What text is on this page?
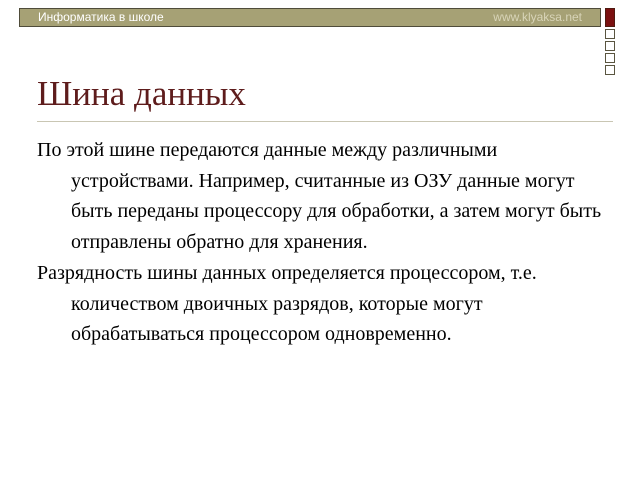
Информатика в школе	www.klyaksa.net
Шина данных

По этой шине передаются данные между различными устройствами. Например, считанные из ОЗУ данные могут быть переданы процессору для обработки, а затем могут быть отправлены обратно для хранения.

Разрядность шины данных определяется процессором, т.е. количеством двоичных разрядов, которые могут обрабатываться процессором одновременно.
